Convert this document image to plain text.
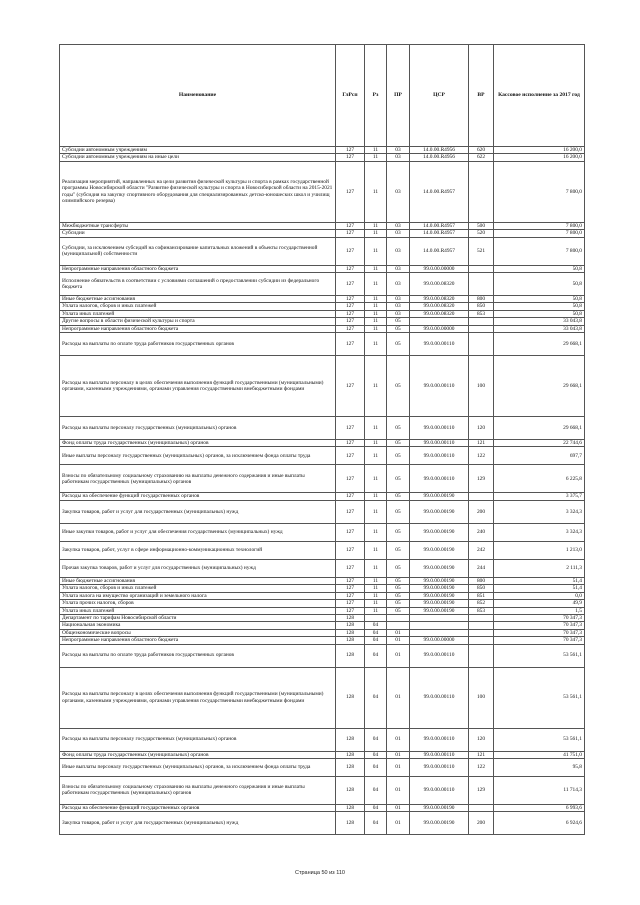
Наименование	ГлРсп	Рз	ПР	ЦСР	ВР	Кассовое исполнение за 2017 год
Субсидии автономным учреждениям	127	11	03	14.0.00.R4956	620	16 200,0
Субсидии автономным учреждениям на иные цели	127	11	03	14.0.00.R4956	622	16 200,0
Реализация мероприятий, направленных на цели развития физической культуры и спорта в рамках государственной программы Новосибирской области "Развитие физической культуры и спорта в Новосибирской области на 2015-2021 годы" (субсидия на закупку спортивного оборудования для специализированных детско-юношеских школ и училищ олимпийского резерва)	127	11	03	14.0.00.R4957		7 800,0
Межбюджетные трансферты	127	11	03	14.0.00.R4957	500	7 800,0
Субсидии	127	11	03	14.0.00.R4957	520	7 800,0
Субсидии, за исключением субсидий на софинансирование капитальных вложений в объекты государственной (муниципальной) собственности	127	11	03	14.0.00.R4957	521	7 800,0
Непрограммные направления областного бюджета	127	11	03	99.0.00.00000		50,8
Исполнение обязательств в соответствии с условиями соглашений о предоставлении субсидии из федерального бюджета	127	11	03	99.0.00.08320		50,8
Иные бюджетные ассигнования	127	11	03	99.0.00.08320	800	50,8
Уплата налогов, сборов и иных платежей	127	11	03	99.0.00.08320	850	50,8
Уплата иных платежей	127	11	03	99.0.00.08320	853	50,8
Другие вопросы в области физической культуры и спорта	127	11	05			33 043,8
Непрограммные направления областного бюджета	127	11	05	99.0.00.00000		33 043,8
Расходы на выплаты по оплате труда работников государственных органов	127	11	05	99.0.00.00110		29 668,1
Расходы на выплаты персоналу в целях обеспечения выполнения функций государственными (муниципальными) органами, казенными учреждениями, органами управления государственными внебюджетными фондами	127	11	05	99.0.00.00110	100	29 668,1
Расходы на выплаты персоналу государственных (муниципальных) органов	127	11	05	99.0.00.00110	120	29 668,1
Фонд оплаты труда государственных (муниципальных) органов	127	11	05	99.0.00.00110	121	22 744,6
Иные выплаты персоналу государственных (муниципальных) органов, за исключением фонда оплаты труда	127	11	05	99.0.00.00110	122	697,7
Взносы по обязательному социальному страхованию на выплаты денежного содержания и иные выплаты работникам государственных (муниципальных) органов	127	11	05	99.0.00.00110	129	6 225,8
Расходы на обеспечение функций государственных органов	127	11	05	99.0.00.00190		3 375,7
Закупка товаров, работ и услуг для государственных (муниципальных) нужд	127	11	05	99.0.00.00190	200	3 324,3
Иные закупки товаров, работ и услуг для обеспечения государственных (муниципальных) нужд	127	11	05	99.0.00.00190	240	3 324,3
Закупка товаров, работ, услуг в сфере информационно-коммуникационных технологий	127	11	05	99.0.00.00190	242	1 213,0
Прочая закупка товаров, работ и услуг для государственных (муниципальных) нужд	127	11	05	99.0.00.00190	244	2 111,3
Иные бюджетные ассигнования	127	11	05	99.0.00.00190	800	51,4
Уплата налогов, сборов и иных платежей	127	11	05	99.0.00.00190	850	51,4
Уплата налога на имущество организаций и земельного налога	127	11	05	99.0.00.00190	851	0,0
Уплата прочих налогов, сборов	127	11	05	99.0.00.00190	852	49,9
Уплата иных платежей	127	11	05	99.0.00.00190	853	1,5
Департамент по тарифам Новосибирской области	128					70 347,3
Национальная экономика	128	04				70 347,3
Общеэкономические вопросы	128	04	01			70 347,3
Непрограммные направления областного бюджета	128	04	01	99.0.00.00000		70 347,3
Расходы на выплаты по оплате труда работников государственных органов	128	04	01	99.0.00.00110		53 561,1
Расходы на выплаты персоналу в целях обеспечения выполнения функций государственными (муниципальными) органами, казенными учреждениями, органами управления государственными внебюджетными фондами	128	04	01	99.0.00.00110	100	53 561,1
Расходы на выплаты персоналу государственных (муниципальных) органов	128	04	01	99.0.00.00110	120	53 561,1
Фонд оплаты труда государственных (муниципальных) органов	128	04	01	99.0.00.00110	121	41 751,0
Иные выплаты персоналу государственных (муниципальных) органов, за исключением фонда оплаты труда	128	04	01	99.0.00.00110	122	95,8
Взносы по обязательному социальному страхованию на выплаты денежного содержания и иные выплаты работникам государственных (муниципальных) органов	128	04	01	99.0.00.00110	129	11 714,3
Расходы на обеспечение функций государственных органов	128	04	01	99.0.00.00190		6 993,6
Закупка товаров, работ и услуг для государственных (муниципальных) нужд	128	04	01	99.0.00.00190	200	6 924,6
Страница 50 из 110
